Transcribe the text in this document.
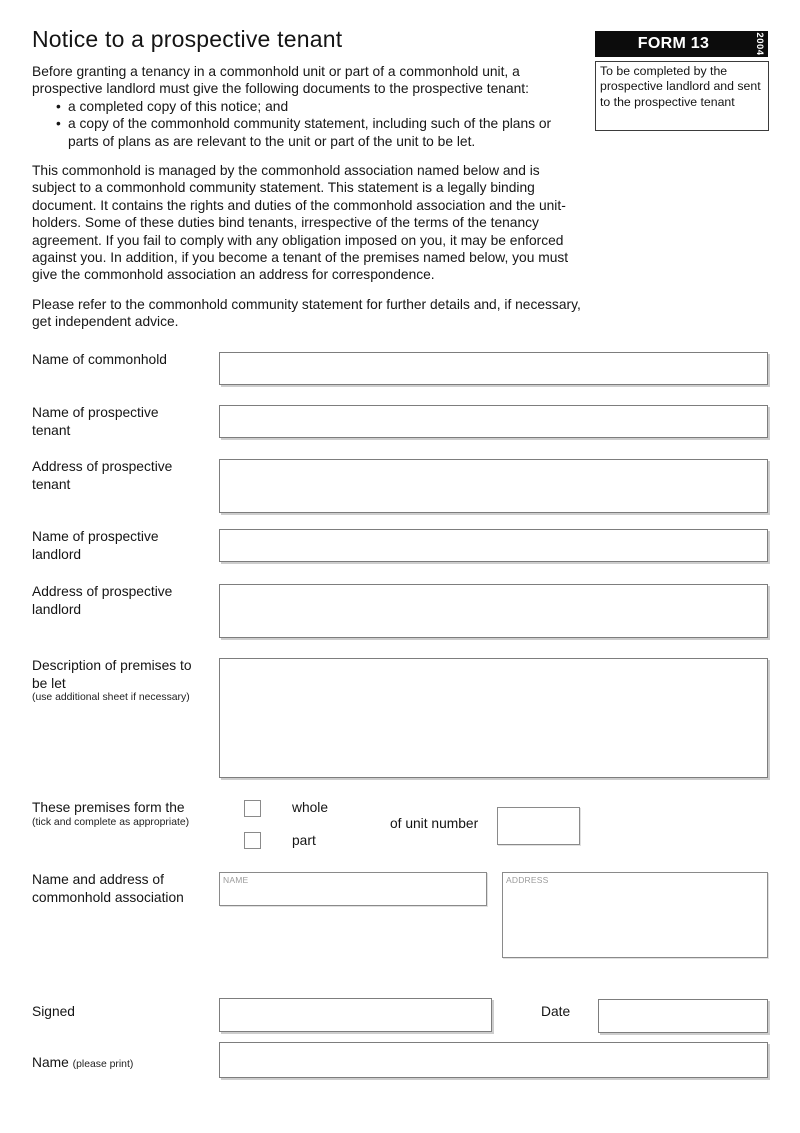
Notice to a prospective tenant	FORM 13	2004
To be completed by the prospective landlord and sent to the prospective tenant
Before granting a tenancy in a commonhold unit or part of a commonhold unit, a prospective landlord must give the following documents to the prospective tenant:
• a completed copy of this notice; and
• a copy of the commonhold community statement, including such of the plans or parts of plans as are relevant to the unit or part of the unit to be let.
This commonhold is managed by the commonhold association named below and is subject to a commonhold community statement. This statement is a legally binding document. It contains the rights and duties of the commonhold association and the unit-holders. Some of these duties bind tenants, irrespective of the terms of the tenancy agreement. If you fail to comply with any obligation imposed on you, it may be enforced against you. In addition, if you become a tenant of the premises named below, you must give the commonhold association an address for correspondence.
Please refer to the commonhold community statement for further details and, if necessary, get independent advice.
Name of commonhold
Name of prospective tenant
Address of prospective tenant
Name of prospective landlord
Address of prospective landlord
Description of premises to be let
(use additional sheet if necessary)
These premises form the
(tick and complete as appropriate)
whole
part
of unit number
Name and address of commonhold association
NAME
ADDRESS
Signed	Date
Name (please print)
